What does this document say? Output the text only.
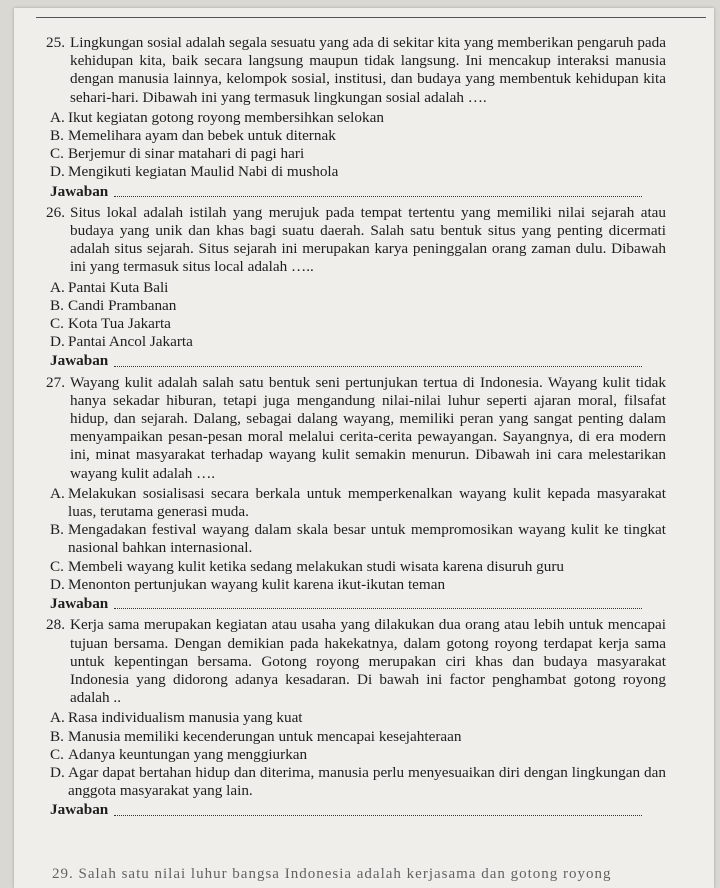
25. Lingkungan sosial adalah segala sesuatu yang ada di sekitar kita yang memberikan pengaruh pada kehidupan kita, baik secara langsung maupun tidak langsung. Ini mencakup interaksi manusia dengan manusia lainnya, kelompok sosial, institusi, dan budaya yang membentuk kehidupan kita sehari-hari. Dibawah ini yang termasuk lingkungan sosial adalah ….
A. Ikut kegiatan gotong royong membersihkan selokan
B. Memelihara ayam dan bebek untuk diternak
C. Berjemur di sinar matahari di pagi hari
D. Mengikuti kegiatan Maulid Nabi di mushola
Jawaban
26. Situs lokal adalah istilah yang merujuk pada tempat tertentu yang memiliki nilai sejarah atau budaya yang unik dan khas bagi suatu daerah. Salah satu bentuk situs yang penting dicermati adalah situs sejarah. Situs sejarah ini merupakan karya peninggalan orang zaman dulu. Dibawah ini yang termasuk situs local adalah …..
A. Pantai Kuta Bali
B. Candi Prambanan
C. Kota Tua Jakarta
D. Pantai Ancol Jakarta
Jawaban
27. Wayang kulit adalah salah satu bentuk seni pertunjukan tertua di Indonesia. Wayang kulit tidak hanya sekadar hiburan, tetapi juga mengandung nilai-nilai luhur seperti ajaran moral, filsafat hidup, dan sejarah. Dalang, sebagai dalang wayang, memiliki peran yang sangat penting dalam menyampaikan pesan-pesan moral melalui cerita-cerita pewayangan. Sayangnya, di era modern ini, minat masyarakat terhadap wayang kulit semakin menurun. Dibawah ini cara melestarikan wayang kulit adalah ….
A. Melakukan sosialisasi secara berkala untuk memperkenalkan wayang kulit kepada masyarakat luas, terutama generasi muda.
B. Mengadakan festival wayang dalam skala besar untuk mempromosikan wayang kulit ke tingkat nasional bahkan internasional.
C. Membeli wayang kulit ketika sedang melakukan studi wisata karena disuruh guru
D. Menonton pertunjukan wayang kulit karena ikut-ikutan teman
Jawaban
28. Kerja sama merupakan kegiatan atau usaha yang dilakukan dua orang atau lebih untuk mencapai tujuan bersama. Dengan demikian pada hakekatnya, dalam gotong royong terdapat kerja sama untuk kepentingan bersama. Gotong royong merupakan ciri khas dan budaya masyarakat Indonesia yang didorong adanya kesadaran. Di bawah ini factor penghambat gotong royong adalah ..
A. Rasa individualism manusia yang kuat
B. Manusia memiliki kecenderungan untuk mencapai kesejahteraan
C. Adanya keuntungan yang menggiurkan
D. Agar dapat bertahan hidup dan diterima, manusia perlu menyesuaikan diri dengan lingkungan dan anggota masyarakat yang lain.
Jawaban
29. Salah satu nilai luhur bangsa Indonesia adalah kerjasama dan gotong royong
